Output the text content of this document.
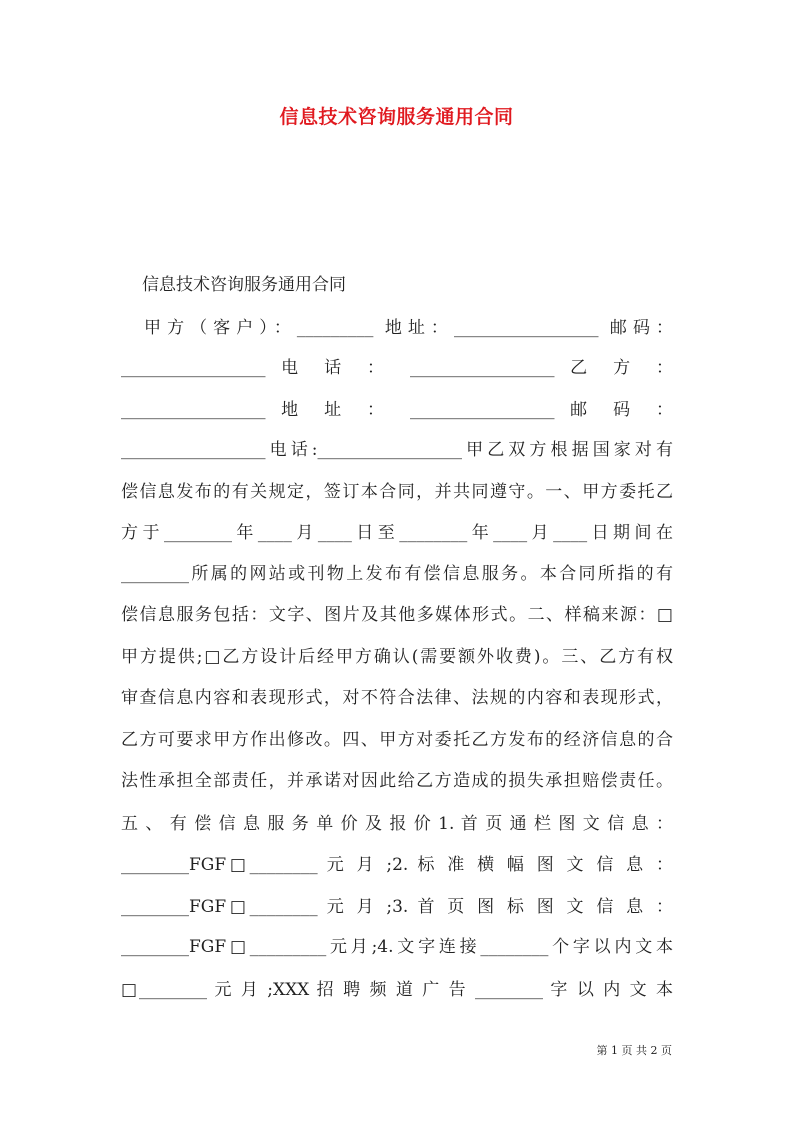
信息技术咨询服务通用合同
信息技术咨询服务通用合同
　甲方（客户）：_________ 地址：_________________ 邮码：
_________________ 电 话 ： _________________ 乙 方 ：
_________________ 地 址 ： _________________ 邮 码 ：
_________________电话:_________________甲乙双方根据国家对有
偿信息发布的有关规定，签订本合同，并共同遵守。一、甲方委托乙
方于________年____月____日至________年____月____日期间在
________所属的网站或刊物上发布有偿信息服务。本合同所指的有
偿信息服务包括：文字、图片及其他多媒体形式。二、样稿来源：□
甲方提供;□乙方设计后经甲方确认(需要额外收费)。三、乙方有权
审查信息内容和表现形式，对不符合法律、法规的内容和表现形式，
乙方可要求甲方作出修改。四、甲方对委托乙方发布的经济信息的合
法性承担全部责任，并承诺对因此给乙方造成的损失承担赔偿责任。
五 、 有 偿 信 息 服 务 单 价 及 报 价 1. 首 页 通 栏 图 文 信 息 ：
________FGF□________ 元 月 ;2. 标 准 横 幅 图 文 信 息 ：
________FGF□________ 元 月 ;3. 首 页 图 标 图 文 信 息 ：
________FGF□_________元月;4.文字连接________个字以内文本
□________ 元 月 ;XXX 招 聘 频 道 广 告 ________ 字 以 内 文 本
第 1 页 共 2 页
